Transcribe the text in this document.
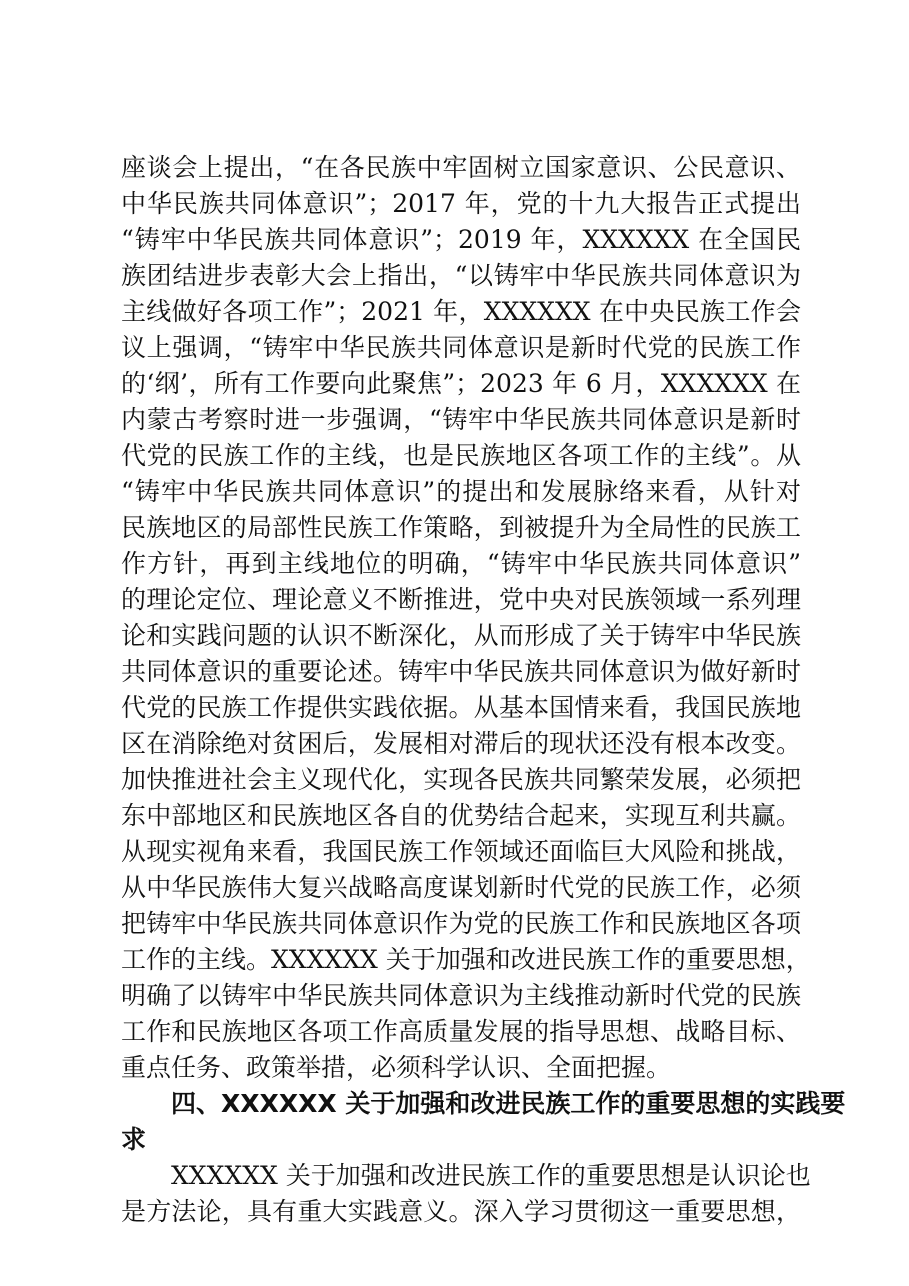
座谈会上提出，“在各民族中牢固树立国家意识、公民意识、
中华民族共同体意识”；2017 年，党的十九大报告正式提出
“铸牢中华民族共同体意识”；2019 年，XXXXXX 在全国民
族团结进步表彰大会上指出，“以铸牢中华民族共同体意识为
主线做好各项工作”；2021 年，XXXXXX 在中央民族工作会
议上强调，“铸牢中华民族共同体意识是新时代党的民族工作
的‘纲’，所有工作要向此聚焦”；2023 年 6 月，XXXXXX 在
内蒙古考察时进一步强调，“铸牢中华民族共同体意识是新时
代党的民族工作的主线，也是民族地区各项工作的主线”。从
“铸牢中华民族共同体意识”的提出和发展脉络来看，从针对
民族地区的局部性民族工作策略，到被提升为全局性的民族工
作方针，再到主线地位的明确，“铸牢中华民族共同体意识”
的理论定位、理论意义不断推进，党中央对民族领域一系列理
论和实践问题的认识不断深化，从而形成了关于铸牢中华民族
共同体意识的重要论述。铸牢中华民族共同体意识为做好新时
代党的民族工作提供实践依据。从基本国情来看，我国民族地
区在消除绝对贫困后，发展相对滞后的现状还没有根本改变。
加快推进社会主义现代化，实现各民族共同繁荣发展，必须把
东中部地区和民族地区各自的优势结合起来，实现互利共赢。
从现实视角来看，我国民族工作领域还面临巨大风险和挑战，
从中华民族伟大复兴战略高度谋划新时代党的民族工作，必须
把铸牢中华民族共同体意识作为党的民族工作和民族地区各项
工作的主线。XXXXXX 关于加强和改进民族工作的重要思想，
明确了以铸牢中华民族共同体意识为主线推动新时代党的民族
工作和民族地区各项工作高质量发展的指导思想、战略目标、
重点任务、政策举措，必须科学认识、全面把握。
四、XXXXXX 关于加强和改进民族工作的重要思想的实践要
求
XXXXXX 关于加强和改进民族工作的重要思想是认识论也
是方法论，具有重大实践意义。深入学习贯彻这一重要思想，
